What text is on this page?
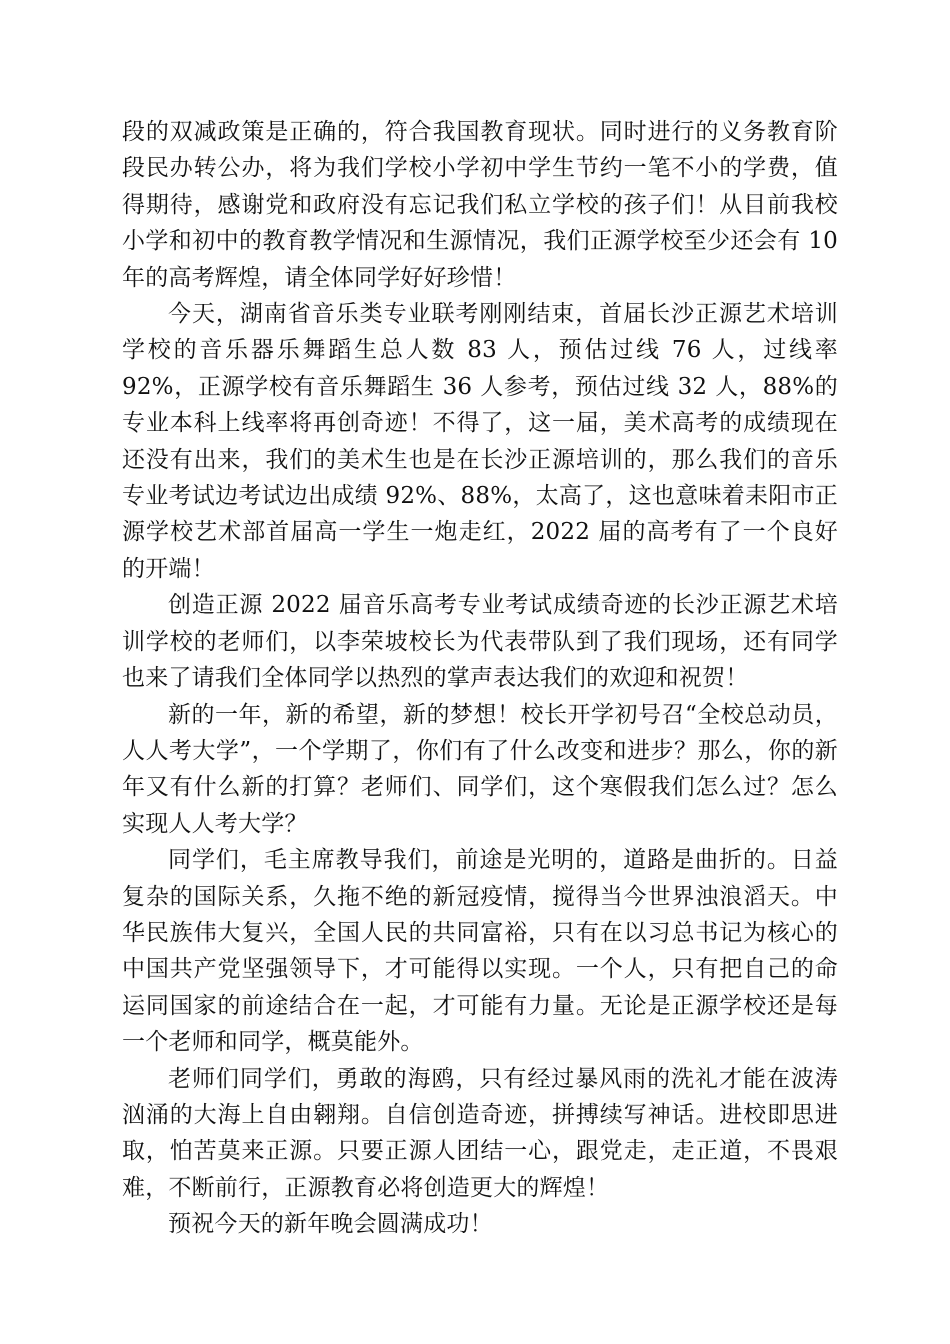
段的双减政策是正确的，符合我国教育现状。同时进行的义务教育阶段民办转公办，将为我们学校小学初中学生节约一笔不小的学费，值得期待，感谢党和政府没有忘记我们私立学校的孩子们！从目前我校小学和初中的教育教学情况和生源情况，我们正源学校至少还会有 10 年的高考辉煌，请全体同学好好珍惜！

今天，湖南省音乐类专业联考刚刚结束，首届长沙正源艺术培训学校的音乐器乐舞蹈生总人数 83 人，预估过线 76 人，过线率 92%，正源学校有音乐舞蹈生 36 人参考，预估过线 32 人，88%的专业本科上线率将再创奇迹！不得了，这一届，美术高考的成绩现在还没有出来，我们的美术生也是在长沙正源培训的，那么我们的音乐专业考试边考试边出成绩 92%、88%，太高了，这也意味着耒阳市正源学校艺术部首届高一学生一炮走红，2022 届的高考有了一个良好的开端！

创造正源 2022 届音乐高考专业考试成绩奇迹的长沙正源艺术培训学校的老师们，以李荣坡校长为代表带队到了我们现场，还有同学也来了请我们全体同学以热烈的掌声表达我们的欢迎和祝贺！

新的一年，新的希望，新的梦想！校长开学初号召“全校总动员，人人考大学”，一个学期了，你们有了什么改变和进步？那么，你的新年又有什么新的打算？老师们、同学们，这个寒假我们怎么过？怎么实现人人考大学？

同学们，毛主席教导我们，前途是光明的，道路是曲折的。日益复杂的国际关系，久拖不绝的新冠疫情，搅得当今世界浊浪滔天。中华民族伟大复兴，全国人民的共同富裕，只有在以习总书记为核心的中国共产党坚强领导下，才可能得以实现。一个人，只有把自己的命运同国家的前途结合在一起，才可能有力量。无论是正源学校还是每一个老师和同学，概莫能外。

老师们同学们，勇敢的海鸥，只有经过暴风雨的洗礼才能在波涛汹涌的大海上自由翱翔。自信创造奇迹，拼搏续写神话。进校即思进取，怕苦莫来正源。只要正源人团结一心，跟党走，走正道，不畏艰难，不断前行，正源教育必将创造更大的辉煌！

预祝今天的新年晚会圆满成功！
